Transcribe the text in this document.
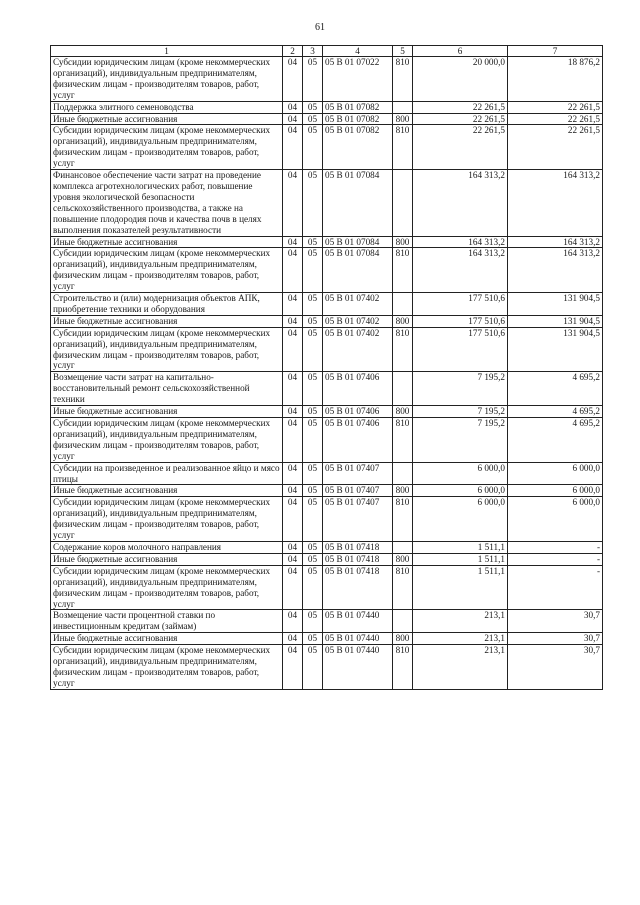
61
1	2	3	4	5	6	7
Субсидии юридическим лицам (кроме некоммерческих организаций), индивидуальным предпринимателям, физическим лицам - производителям товаров, работ, услуг	04	05	05 В 01 07022	810	20 000,0	18 876,2
Поддержка элитного семеноводства	04	05	05 В 01 07082		22 261,5	22 261,5
Иные бюджетные ассигнования	04	05	05 В 01 07082	800	22 261,5	22 261,5
Субсидии юридическим лицам (кроме некоммерческих организаций), индивидуальным предпринимателям, физическим лицам - производителям товаров, работ, услуг	04	05	05 В 01 07082	810	22 261,5	22 261,5
Финансовое обеспечение части затрат на проведение комплекса агротехнологических работ, повышение уровня экологической безопасности сельскохозяйственного производства, а также на повышение плодородия почв и качества почв в целях выполнения показателей результативности	04	05	05 В 01 07084		164 313,2	164 313,2
Иные бюджетные ассигнования	04	05	05 В 01 07084	800	164 313,2	164 313,2
Субсидии юридическим лицам (кроме некоммерческих организаций), индивидуальным предпринимателям, физическим лицам - производителям товаров, работ, услуг	04	05	05 В 01 07084	810	164 313,2	164 313,2
Строительство и (или) модернизация объектов АПК, приобретение техники и оборудования	04	05	05 В 01 07402		177 510,6	131 904,5
Иные бюджетные ассигнования	04	05	05 В 01 07402	800	177 510,6	131 904,5
Субсидии юридическим лицам (кроме некоммерческих организаций), индивидуальным предпринимателям, физическим лицам - производителям товаров, работ, услуг	04	05	05 В 01 07402	810	177 510,6	131 904,5
Возмещение части затрат на капитально-восстановительный ремонт сельскохозяйственной техники	04	05	05 В 01 07406		7 195,2	4 695,2
Иные бюджетные ассигнования	04	05	05 В 01 07406	800	7 195,2	4 695,2
Субсидии юридическим лицам (кроме некоммерческих организаций), индивидуальным предпринимателям, физическим лицам - производителям товаров, работ, услуг	04	05	05 В 01 07406	810	7 195,2	4 695,2
Субсидии на произведенное и реализованное яйцо и мясо птицы	04	05	05 В 01 07407		6 000,0	6 000,0
Иные бюджетные ассигнования	04	05	05 В 01 07407	800	6 000,0	6 000,0
Субсидии юридическим лицам (кроме некоммерческих организаций), индивидуальным предпринимателям, физическим лицам - производителям товаров, работ, услуг	04	05	05 В 01 07407	810	6 000,0	6 000,0
Содержание коров молочного направления	04	05	05 В 01 07418		1 511,1	-
Иные бюджетные ассигнования	04	05	05 В 01 07418	800	1 511,1	-
Субсидии юридическим лицам (кроме некоммерческих организаций), индивидуальным предпринимателям, физическим лицам - производителям товаров, работ, услуг	04	05	05 В 01 07418	810	1 511,1	-
Возмещение части процентной ставки по инвестиционным кредитам (займам)	04	05	05 В 01 07440		213,1	30,7
Иные бюджетные ассигнования	04	05	05 В 01 07440	800	213,1	30,7
Субсидии юридическим лицам (кроме некоммерческих организаций), индивидуальным предпринимателям, физическим лицам - производителям товаров, работ, услуг	04	05	05 В 01 07440	810	213,1	30,7
